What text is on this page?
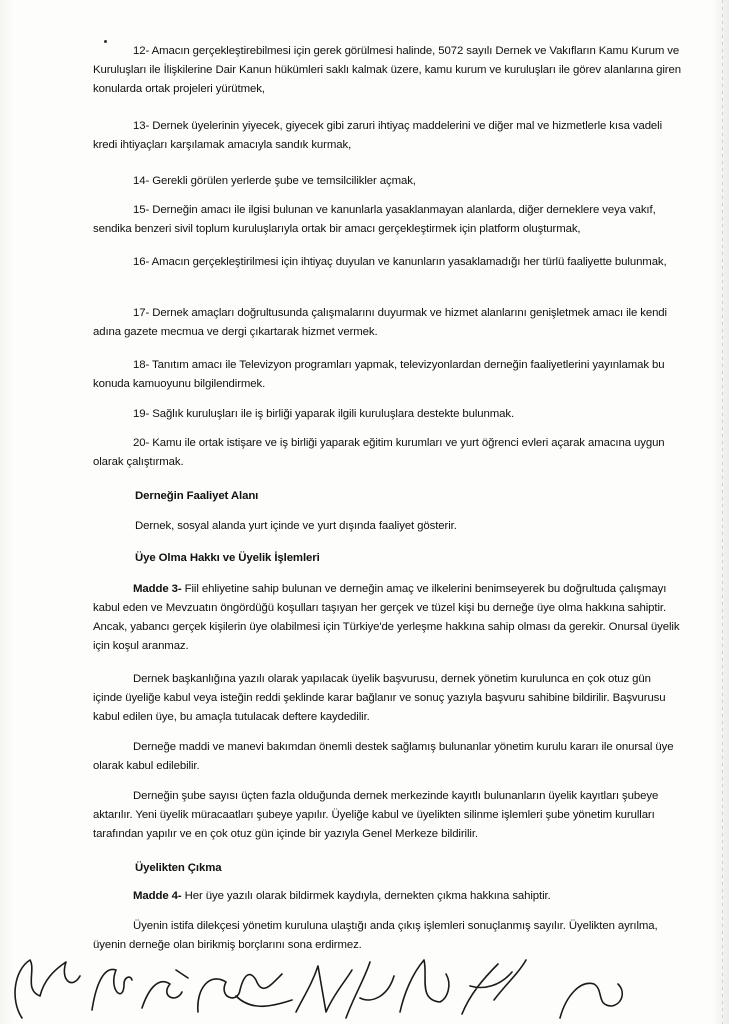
12- Amacın gerçekleştirebilmesi için gerek görülmesi halinde, 5072 sayılı Dernek ve Vakıfların Kamu Kurum ve Kuruluşları ile İlişkilerine Dair Kanun hükümleri saklı kalmak üzere, kamu kurum ve kuruluşları ile görev alanlarına giren konularda ortak projeleri yürütmek,

13- Dernek üyelerinin yiyecek, giyecek gibi zaruri ihtiyaç maddelerini ve diğer mal ve hizmetlerle kısa vadeli kredi ihtiyaçları karşılamak amacıyla sandık kurmak,

14- Gerekli görülen yerlerde şube ve temsilcilikler açmak,

15- Derneğin amacı ile ilgisi bulunan ve kanunlarla yasaklanmayan alanlarda, diğer derneklere veya vakıf, sendika benzeri sivil toplum kuruluşlarıyla ortak bir amacı gerçekleştirmek için platform oluşturmak,

16- Amacın gerçekleştirilmesi için ihtiyaç duyulan ve kanunların yasaklamadığı her türlü faaliyette bulunmak,

17- Dernek amaçları doğrultusunda çalışmalarını duyurmak ve hizmet alanlarını genişletmek amacı ile kendi adına gazete mecmua ve dergi çıkartarak hizmet vermek.

18- Tanıtım amacı ile Televizyon programları yapmak, televizyonlardan derneğin faaliyetlerini yayınlamak bu konuda kamuoyunu bilgilendirmek.

19- Sağlık kuruluşları ile iş birliği yaparak ilgili kuruluşlara destekte bulunmak.

20- Kamu ile ortak istişare ve iş birliği yaparak eğitim kurumları ve yurt öğrenci evleri açarak amacına uygun olarak çalıştırmak.

Derneğin Faaliyet Alanı

Dernek, sosyal alanda yurt içinde ve yurt dışında faaliyet gösterir.

Üye Olma Hakkı ve Üyelik İşlemleri

Madde 3- Fiil ehliyetine sahip bulunan ve derneğin amaç ve ilkelerini benimseyerek bu doğrultuda çalışmayı kabul eden ve Mevzuatın öngördüğü koşulları taşıyan her gerçek ve tüzel kişi bu derneğe üye olma hakkına sahiptir. Ancak, yabancı gerçek kişilerin üye olabilmesi için Türkiye'de yerleşme hakkına sahip olması da gerekir. Onursal üyelik için koşul aranmaz.

Dernek başkanlığına yazılı olarak yapılacak üyelik başvurusu, dernek yönetim kurulunca en çok otuz gün içinde üyeliğe kabul veya isteğin reddi şeklinde karar bağlanır ve sonuç yazıyla başvuru sahibine bildirilir. Başvurusu kabul edilen üye, bu amaçla tutulacak deftere kaydedilir.

Derneğe maddi ve manevi bakımdan önemli destek sağlamış bulunanlar yönetim kurulu kararı ile onursal üye olarak kabul edilebilir.

Derneğin şube sayısı üçten fazla olduğunda dernek merkezinde kayıtlı bulunanların üyelik kayıtları şubeye aktarılır. Yeni üyelik müracaatları şubeye yapılır. Üyeliğe kabul ve üyelikten silinme işlemleri şube yönetim kurulları tarafından yapılır ve en çok otuz gün içinde bir yazıyla Genel Merkeze bildirilir.

Üyelikten Çıkma

Madde 4- Her üye yazılı olarak bildirmek kaydıyla, dernekten çıkma hakkına sahiptir.

Üyenin istifa dilekçesi yönetim kuruluna ulaştığı anda çıkış işlemleri sonuçlanmış sayılır. Üyelikten ayrılma, üyenin derneğe olan birikmiş borçlarını sona erdirmez.
